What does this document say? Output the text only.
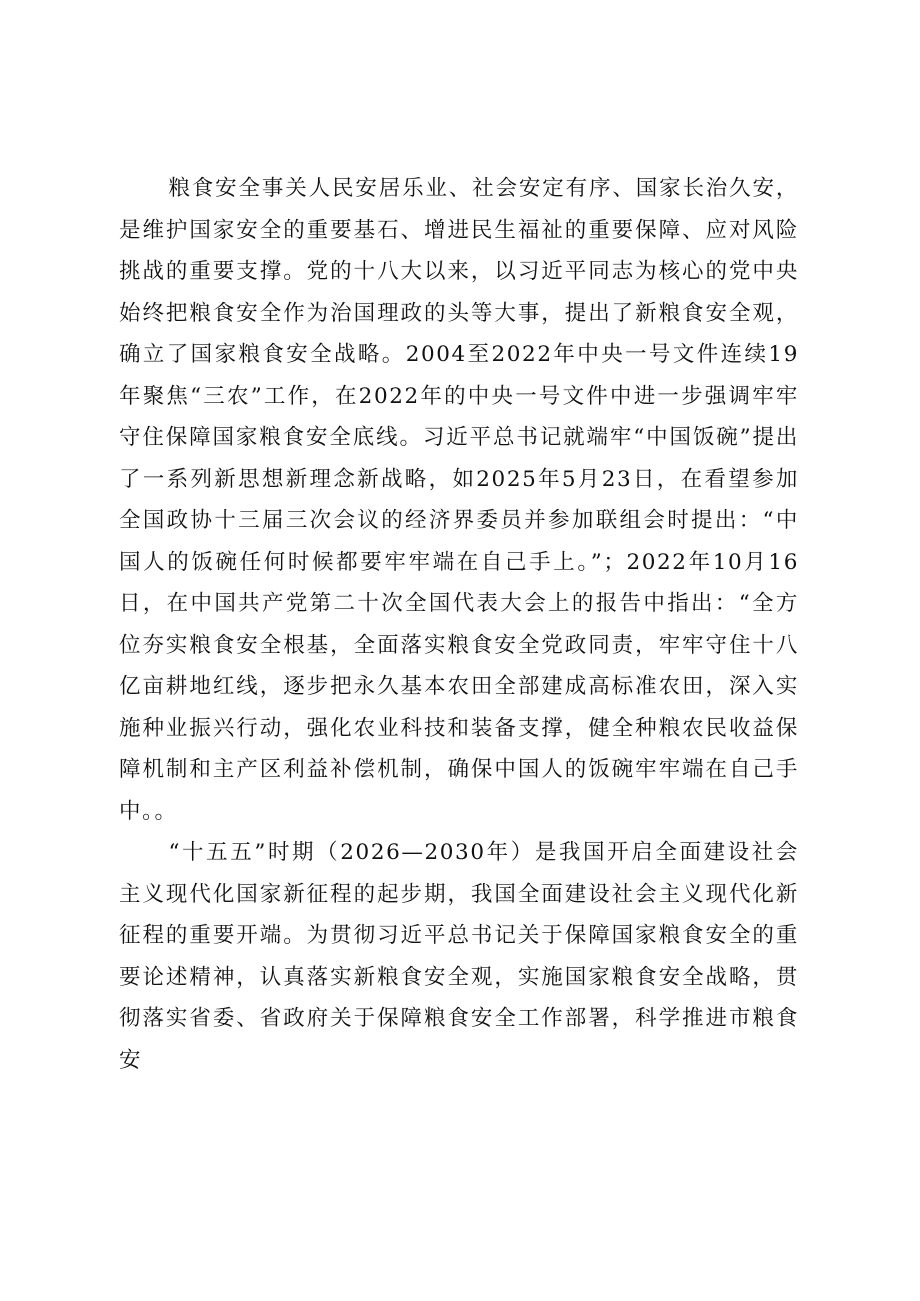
粮食安全事关人民安居乐业、社会安定有序、国家长治久安，是维护国家安全的重要基石、增进民生福祉的重要保障、应对风险挑战的重要支撑。党的十八大以来，以习近平同志为核心的党中央始终把粮食安全作为治国理政的头等大事，提出了新粮食安全观，确立了国家粮食安全战略。2004至2022年中央一号文件连续19年聚焦“三农”工作，在2022年的中央一号文件中进一步强调牢牢守住保障国家粮食安全底线。习近平总书记就端牢“中国饭碗”提出了一系列新思想新理念新战略，如2025年5月23日，在看望参加全国政协十三届三次会议的经济界委员并参加联组会时提出：“中国人的饭碗任何时候都要牢牢端在自己手上。”；2022年10月16日，在中国共产党第二十次全国代表大会上的报告中指出：“全方位夯实粮食安全根基，全面落实粮食安全党政同责，牢牢守住十八亿亩耕地红线，逐步把永久基本农田全部建成高标准农田，深入实施种业振兴行动，强化农业科技和装备支撑，健全种粮农民收益保障机制和主产区利益补偿机制，确保中国人的饭碗牢牢端在自己手中。。

“十五五”时期（2026—2030年）是我国开启全面建设社会主义现代化国家新征程的起步期，我国全面建设社会主义现代化新征程的重要开端。为贯彻习近平总书记关于保障国家粮食安全的重要论述精神，认真落实新粮食安全观，实施国家粮食安全战略，贯彻落实省委、省政府关于保障粮食安全工作部署，科学推进市粮食安
